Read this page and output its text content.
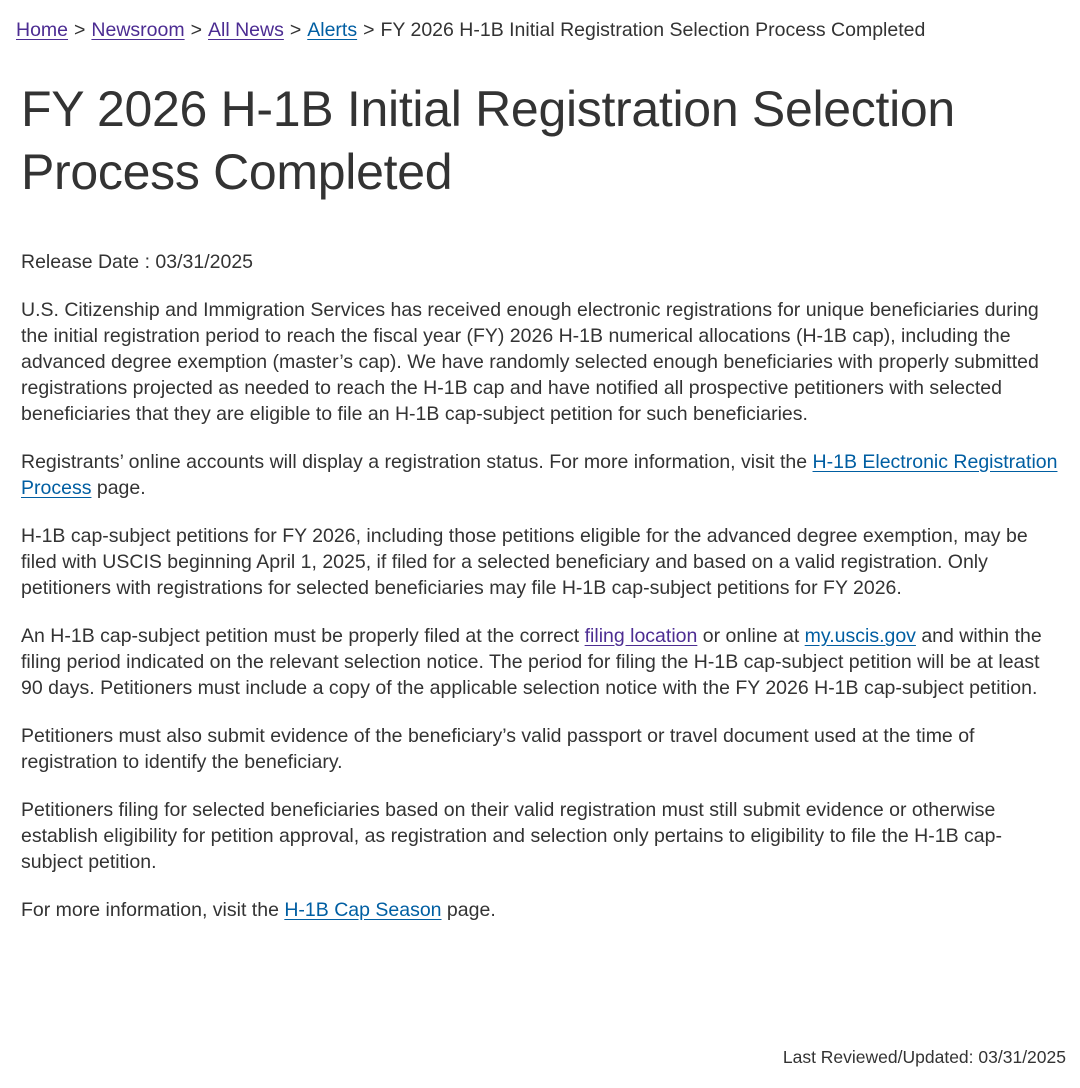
Home > Newsroom > All News > Alerts > FY 2026 H-1B Initial Registration Selection Process Completed
FY 2026 H-1B Initial Registration Selection Process Completed
Release Date : 03/31/2025

U.S. Citizenship and Immigration Services has received enough electronic registrations for unique beneficiaries during the initial registration period to reach the fiscal year (FY) 2026 H-1B numerical allocations (H-1B cap), including the advanced degree exemption (master’s cap). We have randomly selected enough beneficiaries with properly submitted registrations projected as needed to reach the H-1B cap and have notified all prospective petitioners with selected beneficiaries that they are eligible to file an H-1B cap-subject petition for such beneficiaries.

Registrants’ online accounts will display a registration status. For more information, visit the H-1B Electronic Registration Process page.

H-1B cap-subject petitions for FY 2026, including those petitions eligible for the advanced degree exemption, may be filed with USCIS beginning April 1, 2025, if filed for a selected beneficiary and based on a valid registration. Only petitioners with registrations for selected beneficiaries may file H-1B cap-subject petitions for FY 2026.

An H-1B cap-subject petition must be properly filed at the correct filing location or online at my.uscis.gov and within the filing period indicated on the relevant selection notice. The period for filing the H-1B cap-subject petition will be at least 90 days. Petitioners must include a copy of the applicable selection notice with the FY 2026 H-1B cap-subject petition.

Petitioners must also submit evidence of the beneficiary’s valid passport or travel document used at the time of registration to identify the beneficiary.

Petitioners filing for selected beneficiaries based on their valid registration must still submit evidence or otherwise establish eligibility for petition approval, as registration and selection only pertains to eligibility to file the H-1B cap-subject petition.

For more information, visit the H-1B Cap Season page.

Last Reviewed/Updated: 03/31/2025
